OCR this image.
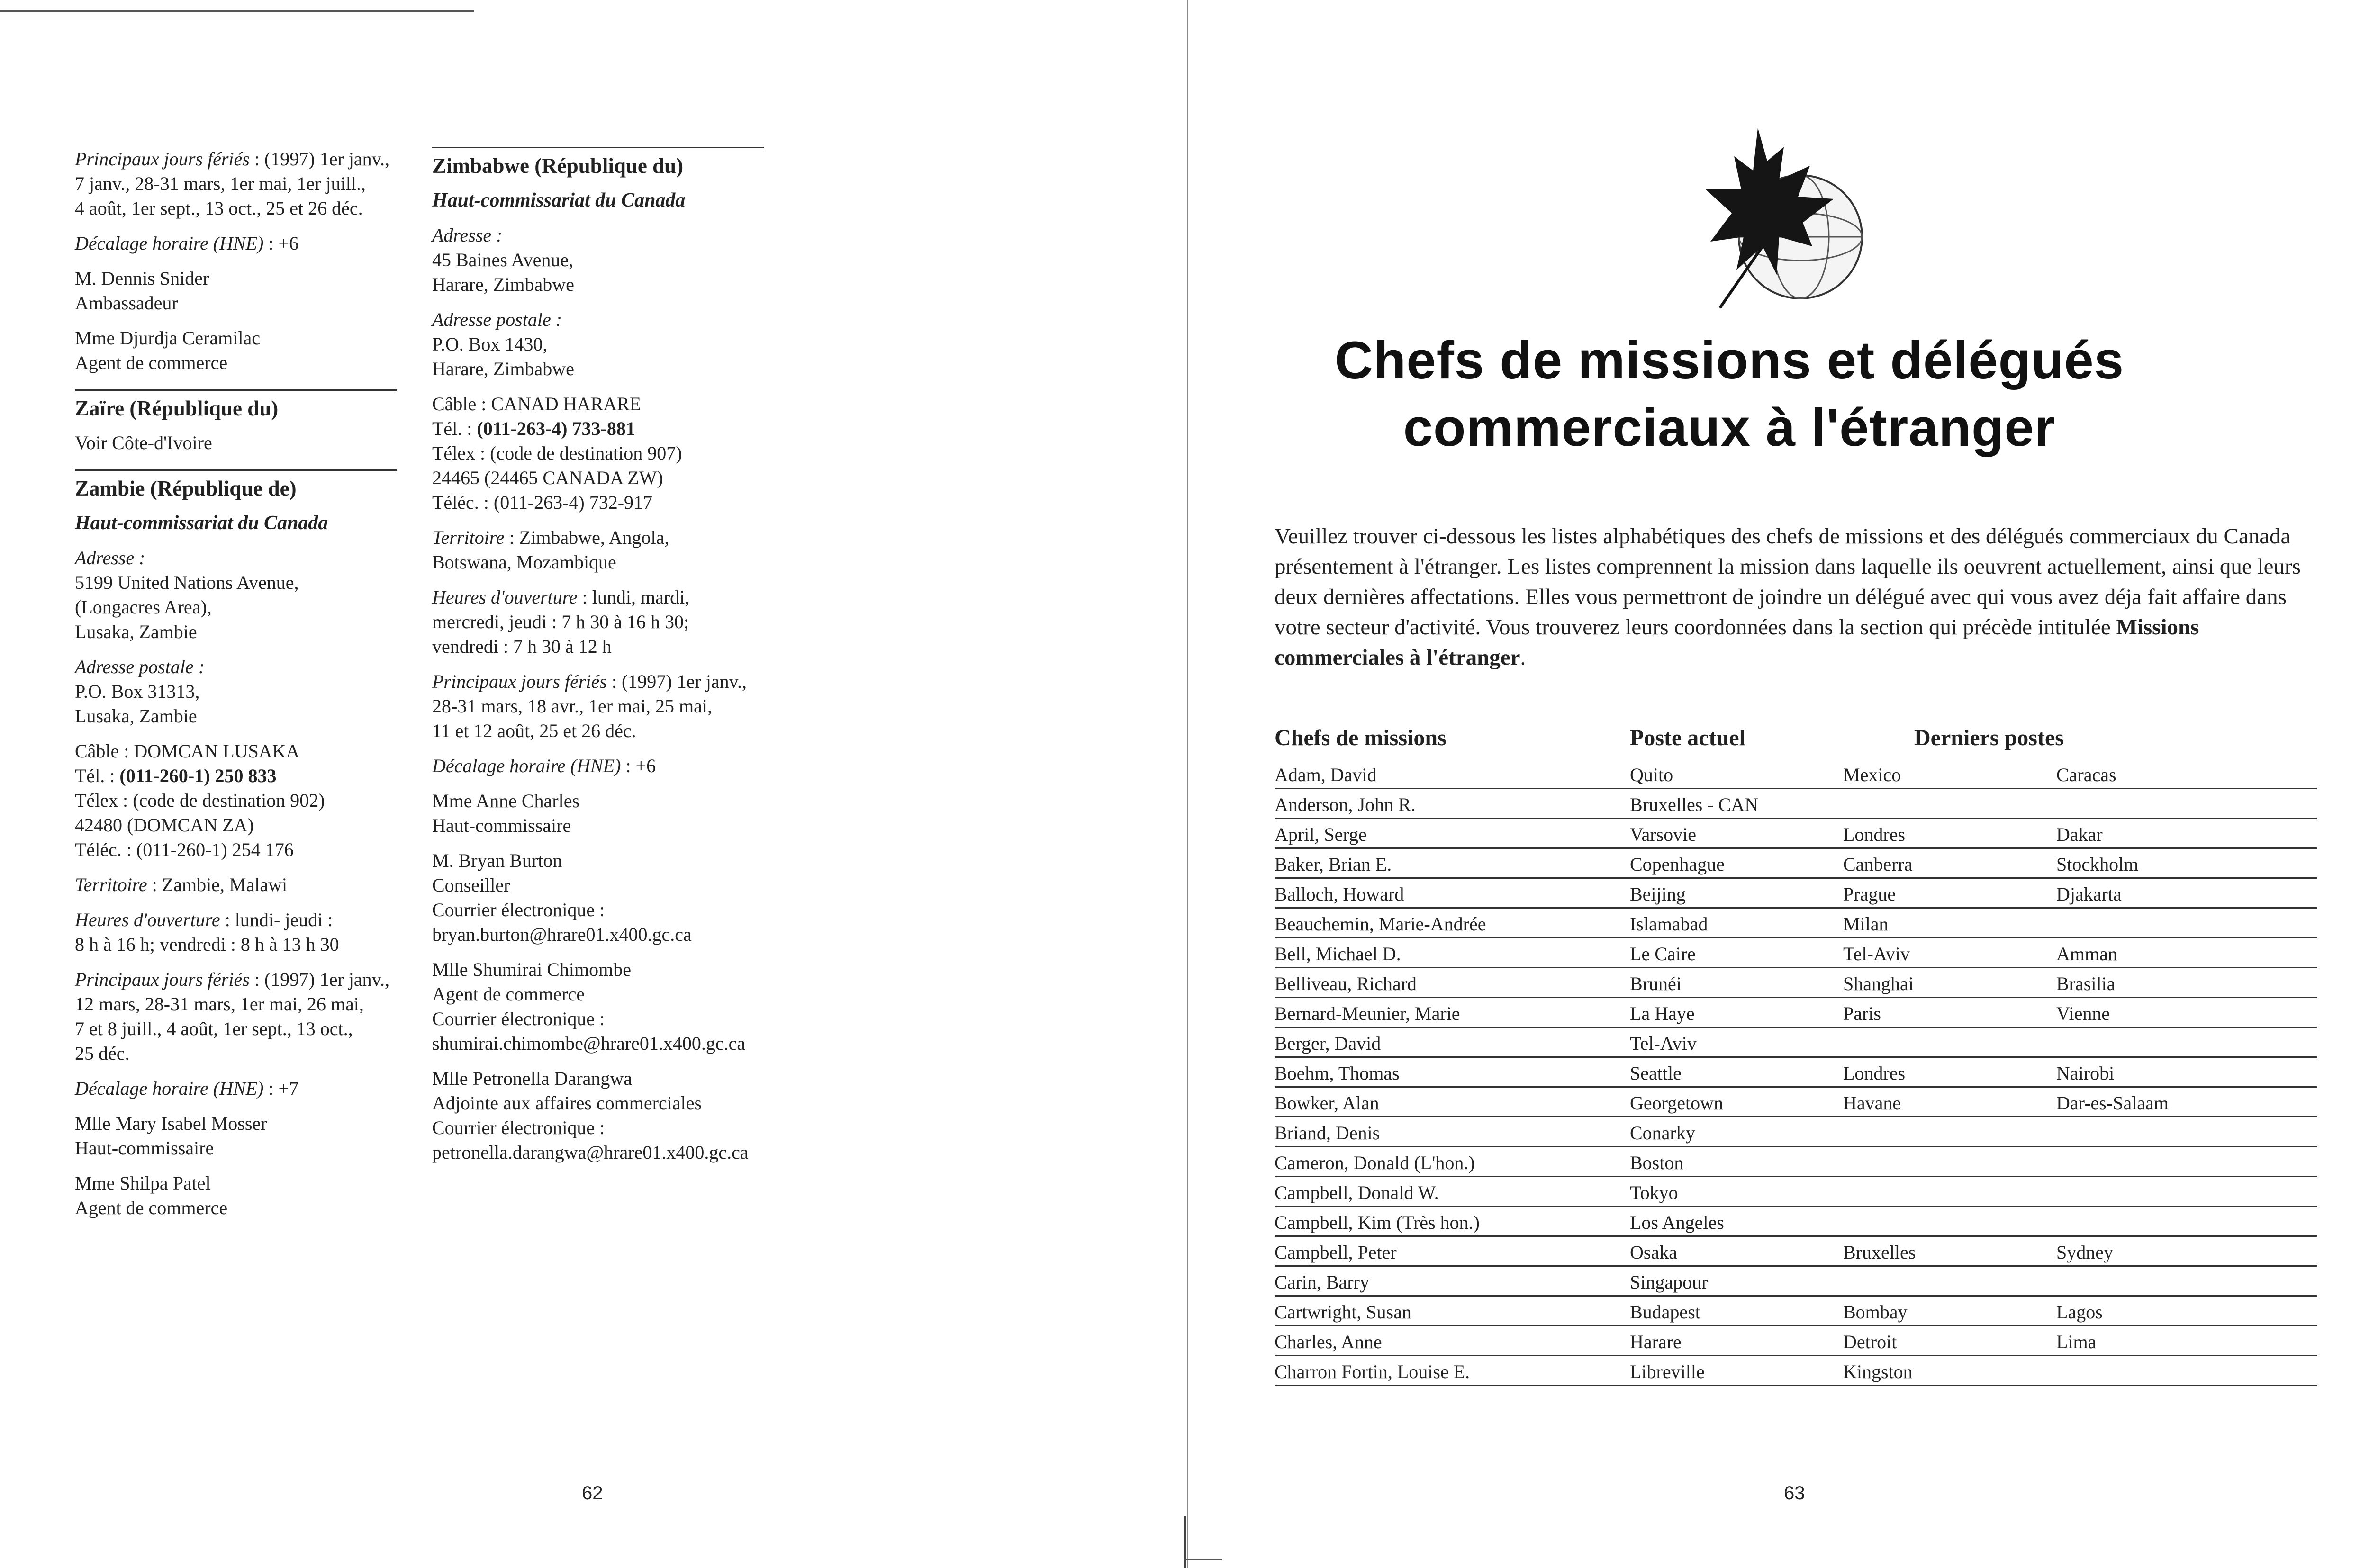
Principaux jours fériés : (1997) 1er janv.,
7 janv., 28-31 mars, 1er mai, 1er juill.,
4 août, 1er sept., 13 oct., 25 et 26 déc.
Décalage horaire (HNE) : +6
M. Dennis Snider
Ambassadeur
Mme Djurdja Ceramilac
Agent de commerce
Zaïre (République du)
Voir Côte-d'Ivoire
Zambie (République de)
Haut-commissariat du Canada
Adresse :
5199 United Nations Avenue,
(Longacres Area),
Lusaka, Zambie
Adresse postale :
P.O. Box 31313,
Lusaka, Zambie
Câble : DOMCAN LUSAKA
Tél. : (011-260-1) 250 833
Télex : (code de destination 902)
42480 (DOMCAN ZA)
Téléc. : (011-260-1) 254 176
Territoire : Zambie, Malawi
Heures d'ouverture : lundi- jeudi :
8 h à 16 h; vendredi : 8 h à 13 h 30
Principaux jours fériés : (1997) 1er janv.,
12 mars, 28-31 mars, 1er mai, 26 mai,
7 et 8 juill., 4 août, 1er sept., 13 oct.,
25 déc.
Décalage horaire (HNE) : +7
Mlle Mary Isabel Mosser
Haut-commissaire
Mme Shilpa Patel
Agent de commerce
Zimbabwe (République du)
Haut-commissariat du Canada
Adresse :
45 Baines Avenue,
Harare, Zimbabwe
Adresse postale :
P.O. Box 1430,
Harare, Zimbabwe
Câble : CANAD HARARE
Tél. : (011-263-4) 733-881
Télex : (code de destination 907)
24465 (24465 CANADA ZW)
Téléc. : (011-263-4) 732-917
Territoire : Zimbabwe, Angola,
Botswana, Mozambique
Heures d'ouverture : lundi, mardi,
mercredi, jeudi : 7 h 30 à 16 h 30;
vendredi : 7 h 30 à 12 h
Principaux jours fériés : (1997) 1er janv.,
28-31 mars, 18 avr., 1er mai, 25 mai,
11 et 12 août, 25 et 26 déc.
Décalage horaire (HNE) : +6
Mme Anne Charles
Haut-commissaire
M. Bryan Burton
Conseiller
Courrier électronique :
bryan.burton@hrare01.x400.gc.ca
Mlle Shumirai Chimombe
Agent de commerce
Courrier électronique :
shumirai.chimombe@hrare01.x400.gc.ca
Mlle Petronella Darangwa
Adjointe aux affaires commerciales
Courrier électronique :
petronella.darangwa@hrare01.x400.gc.ca
62
Chefs de missions et délégués
commerciaux à l'étranger
Veuillez trouver ci-dessous les listes alphabétiques des chefs de missions et des délégués commerciaux du Canada présentement à l'étranger. Les listes comprennent la mission dans laquelle ils oeuvrent actuellement, ainsi que leurs deux dernières affectations. Elles vous permettront de joindre un délégué avec qui vous avez déja fait affaire dans votre secteur d'activité. Vous trouverez leurs coordonnées dans la section qui précède intitulée Missions commerciales à l'étranger.
Chefs de missions	Poste actuel	Derniers postes
Adam, David	Quito	Mexico	Caracas
Anderson, John R.	Bruxelles - CAN
April, Serge	Varsovie	Londres	Dakar
Baker, Brian E.	Copenhague	Canberra	Stockholm
Balloch, Howard	Beijing	Prague	Djakarta
Beauchemin, Marie-Andrée	Islamabad	Milan
Bell, Michael D.	Le Caire	Tel-Aviv	Amman
Belliveau, Richard	Brunéi	Shanghai	Brasilia
Bernard-Meunier, Marie	La Haye	Paris	Vienne
Berger, David	Tel-Aviv
Boehm, Thomas	Seattle	Londres	Nairobi
Bowker, Alan	Georgetown	Havane	Dar-es-Salaam
Briand, Denis	Conarky
Cameron, Donald (L'hon.)	Boston
Campbell, Donald W.	Tokyo
Campbell, Kim (Très hon.)	Los Angeles
Campbell, Peter	Osaka	Bruxelles	Sydney
Carin, Barry	Singapour
Cartwright, Susan	Budapest	Bombay	Lagos
Charles, Anne	Harare	Detroit	Lima
Charron Fortin, Louise E.	Libreville	Kingston
63
